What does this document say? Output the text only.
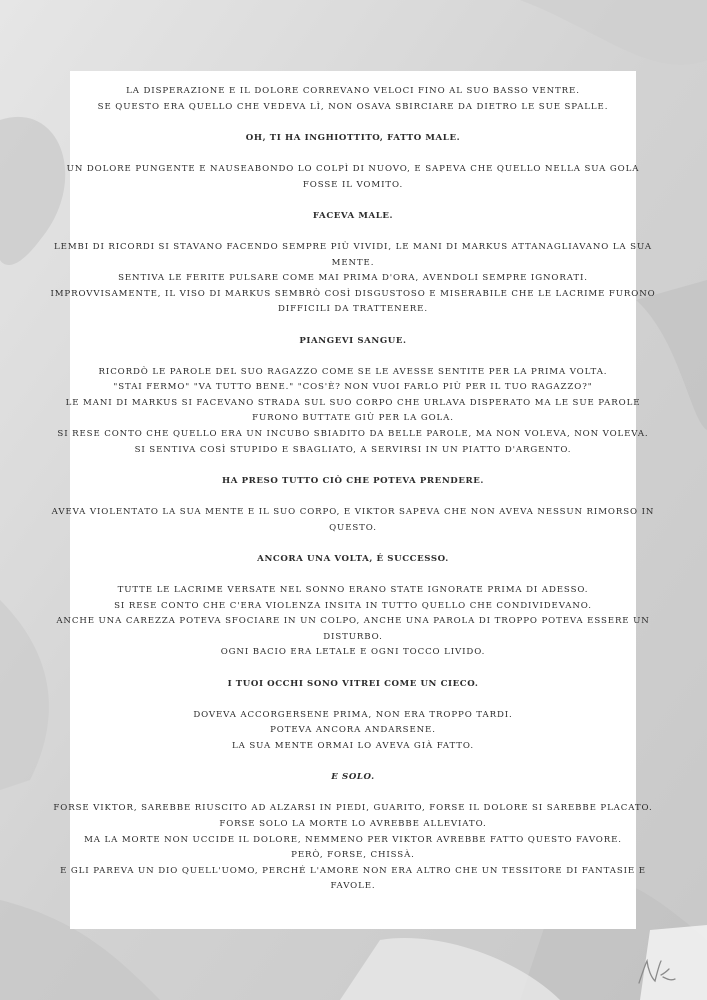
LA DISPERAZIONE E IL DOLORE CORREVANO VELOCI FINO AL SUO BASSO VENTRE.
SE QUESTO ERA QUELLO CHE VEDEVA LÌ, NON OSAVA SBIRCIARE DA DIETRO LE SUE SPALLE.

OH, TI HA INGHIOTTITO, FATTO MALE.

UN DOLORE PUNGENTE E NAUSEABONDO LO COLPÌ DI NUOVO, E SAPEVA CHE QUELLO NELLA SUA GOLA FOSSE IL VOMITO.

FACEVA MALE.

LEMBI DI RICORDI SI STAVANO FACENDO SEMPRE PIÙ VIVIDI, LE MANI DI MARKUS ATTANAGLIAVANO LA SUA MENTE.
SENTIVA LE FERITE PULSARE COME MAI PRIMA D'ORA, AVENDOLI SEMPRE IGNORATI.
IMPROVVISAMENTE, IL VISO DI MARKUS SEMBRÒ COSÌ DISGUSTOSO E MISERABILE CHE LE LACRIME FURONO DIFFICILI DA TRATTENERE.

PIANGEVI SANGUE.

RICORDÒ LE PAROLE DEL SUO RAGAZZO COME SE LE AVESSE SENTITE PER LA PRIMA VOLTA.
"STAI FERMO" "VA TUTTO BENE." "COS'È? NON VUOI FARLO PIÙ PER IL TUO RAGAZZO?"
LE MANI DI MARKUS SI FACEVANO STRADA SUL SUO CORPO CHE URLAVA DISPERATO MA LE SUE PAROLE FURONO BUTTATE GIÙ PER LA GOLA.
SI RESE CONTO CHE QUELLO ERA UN INCUBO SBIADITO DA BELLE PAROLE, MA NON VOLEVA, NON VOLEVA.
SI SENTIVA COSÌ STUPIDO E SBAGLIATO, A SERVIRSI IN UN PIATTO D'ARGENTO.

HA PRESO TUTTO CIÒ CHE POTEVA PRENDERE.

AVEVA VIOLENTATO LA SUA MENTE E IL SUO CORPO, E VIKTOR SAPEVA CHE NON AVEVA NESSUN RIMORSO IN QUESTO.

ANCORA UNA VOLTA, É SUCCESSO.

TUTTE LE LACRIME VERSATE NEL SONNO ERANO STATE IGNORATE PRIMA DI ADESSO.
SI RESE CONTO CHE C'ERA VIOLENZA INSITA IN TUTTO QUELLO CHE CONDIVIDEVANO.
ANCHE UNA CAREZZA POTEVA SFOCIARE IN UN COLPO, ANCHE UNA PAROLA DI TROPPO POTEVA ESSERE UN DISTURBO.
OGNI BACIO ERA LETALE E OGNI TOCCO LIVIDO.

I TUOI OCCHI SONO VITREI COME UN CIECO.

DOVEVA ACCORGERSENE PRIMA, NON ERA TROPPO TARDI.
POTEVA ANCORA ANDARSENE.
LA SUA MENTE ORMAI LO AVEVA GIÀ FATTO.

E SOLO.

FORSE VIKTOR, SAREBBE RIUSCITO AD ALZARSI IN PIEDI, GUARITO, FORSE IL DOLORE SI SAREBBE PLACATO.
FORSE SOLO LA MORTE LO AVREBBE ALLEVIATO.
MA LA MORTE NON UCCIDE IL DOLORE, NEMMENO PER VIKTOR AVREBBE FATTO QUESTO FAVORE.
PERÒ, FORSE, CHISSÀ.
E GLI PAREVA UN DIO QUELL'UOMO, PERCHÉ L'AMORE NON ERA ALTRO CHE UN TESSITORE DI FANTASIE E FAVOLE.
